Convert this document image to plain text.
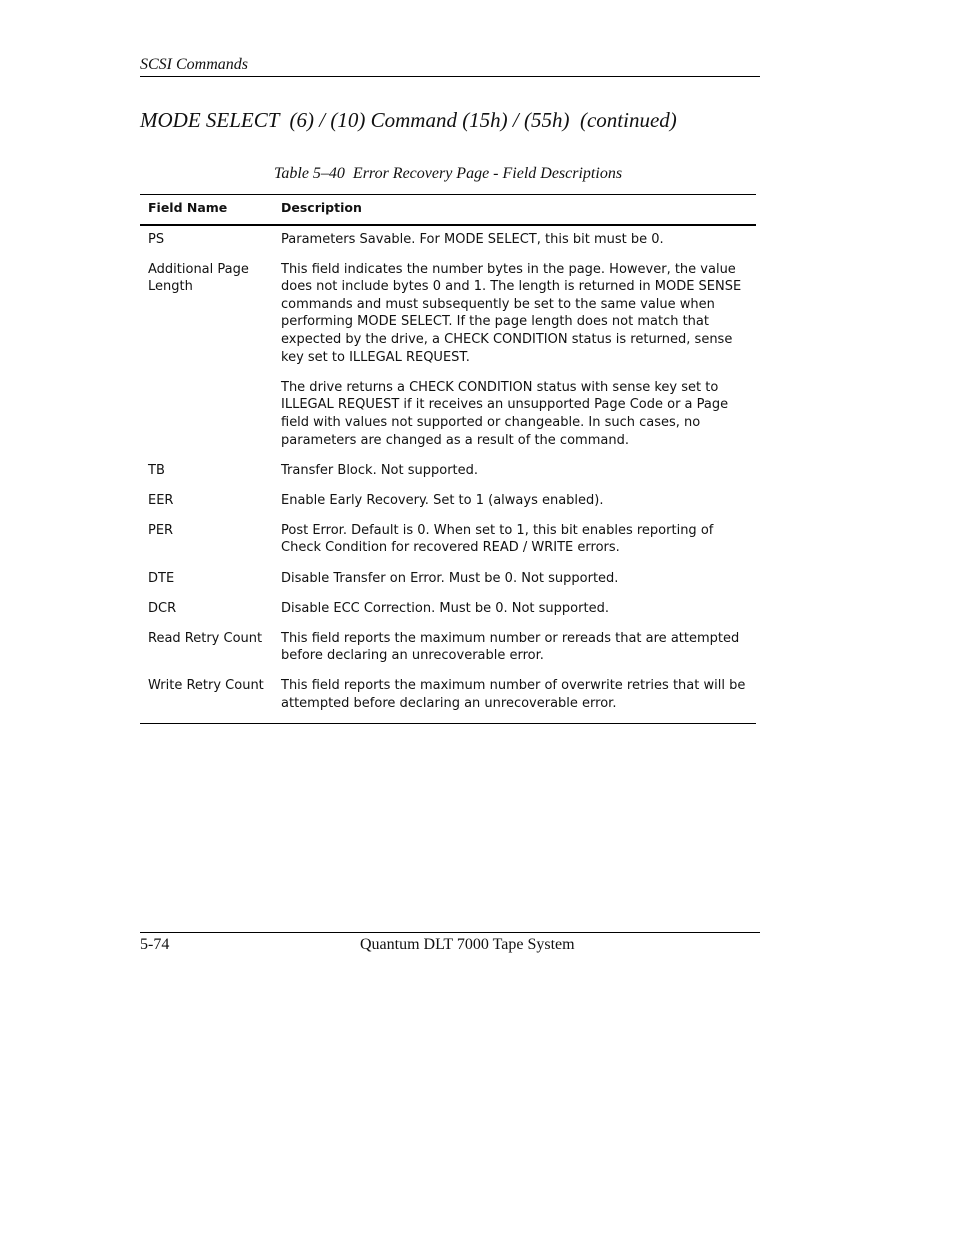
SCSI Commands
MODE SELECT  (6) / (10) Command (15h) / (55h)  (continued)
Table 5–40  Error Recovery Page - Field Descriptions
Field Name	Description
PS	Parameters Savable. For MODE SELECT, this bit must be 0.

Additional Page Length	This field indicates the number bytes in the page. However, the value does not include bytes 0 and 1. The length is returned in MODE SENSE commands and must subsequently be set to the same value when performing MODE SELECT. If the page length does not match that expected by the drive, a CHECK CONDITION status is returned, sense key set to ILLEGAL REQUEST.

The drive returns a CHECK CONDITION status with sense key set to ILLEGAL REQUEST if it receives an unsupported Page Code or a Page field with values not supported or changeable. In such cases, no parameters are changed as a result of the command.

TB	Transfer Block. Not supported.

EER	Enable Early Recovery. Set to 1 (always enabled).

PER	Post Error. Default is 0. When set to 1, this bit enables reporting of Check Condition for recovered READ / WRITE errors.

DTE	Disable Transfer on Error. Must be 0. Not supported.

DCR	Disable ECC Correction. Must be 0. Not supported.

Read Retry Count	This field reports the maximum number or rereads that are attempted before declaring an unrecoverable error.

Write Retry Count	This field reports the maximum number of overwrite retries that will be attempted before declaring an unrecoverable error.

5-74	Quantum DLT 7000 Tape System
